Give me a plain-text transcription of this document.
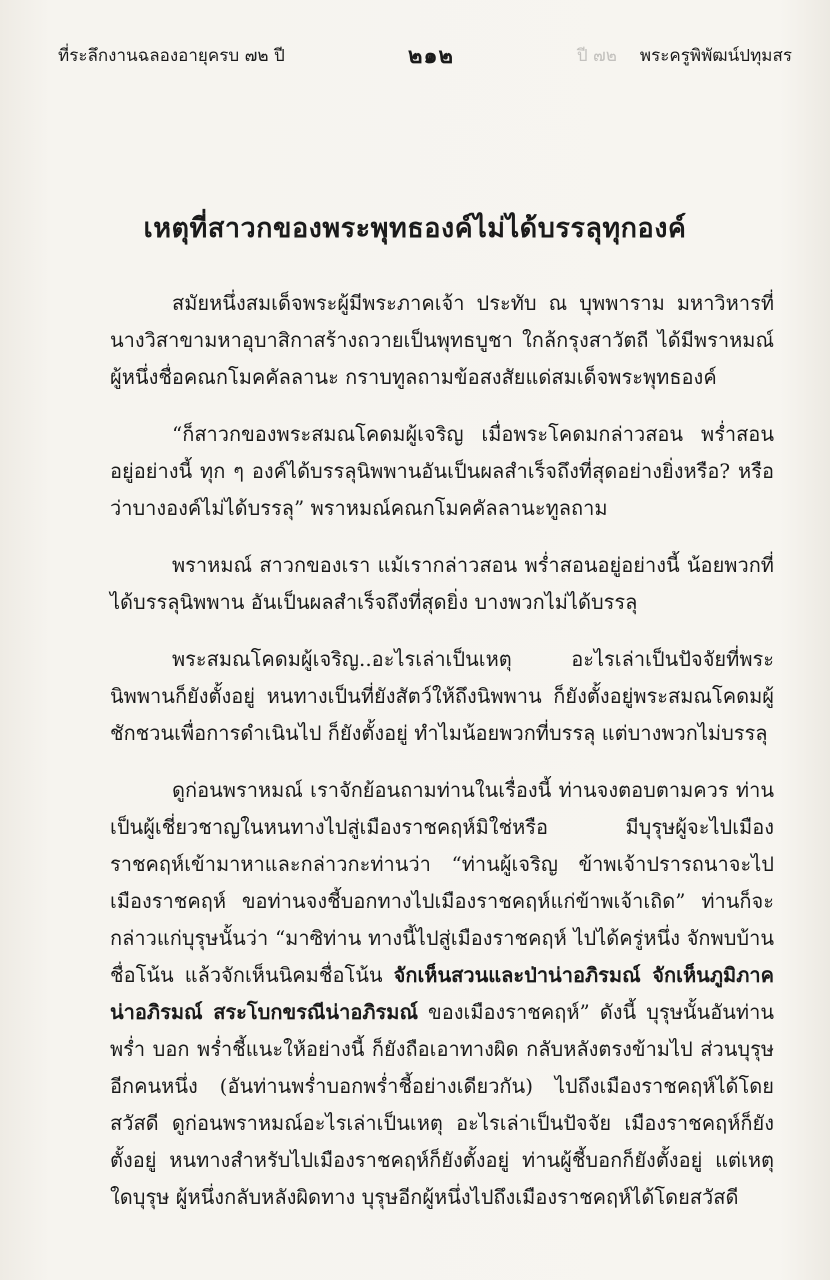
ที่ระลึกงานฉลองอายุครบ ๗๒ ปี	๒๑๒	ปี ๗๒ พระครูพิพัฒน์ปทุมสร
เหตุที่สาวกของพระพุทธองค์ไม่ได้บรรลุทุกองค์

สมัยหนึ่งสมเด็จพระผู้มีพระภาคเจ้า ประทับ ณ บุพพาราม มหาวิหารที่นางวิสาขามหาอุบาสิกาสร้างถวายเป็นพุทธบูชา ใกล้กรุงสาวัตถี ได้มีพราหมณ์ผู้หนึ่งชื่อคณกโมคคัลลานะ กราบทูลถามข้อสงสัยแด่สมเด็จพระพุทธองค์

“ก็สาวกของพระสมณโคดมผู้เจริญ เมื่อพระโคดมกล่าวสอน พร่ำสอนอยู่อย่างนี้ ทุก ๆ องค์ได้บรรลุนิพพานอันเป็นผลสำเร็จถึงที่สุดอย่างยิ่งหรือ? หรือว่าบางองค์ไม่ได้บรรลุ” พราหมณ์คณกโมคคัลลานะทูลถาม

พราหมณ์ สาวกของเรา แม้เรากล่าวสอน พร่ำสอนอยู่อย่างนี้ น้อยพวกที่ได้บรรลุนิพพาน อันเป็นผลสำเร็จถึงที่สุดยิ่ง บางพวกไม่ได้บรรลุ

พระสมณโคดมผู้เจริญ..อะไรเล่าเป็นเหตุ อะไรเล่าเป็นปัจจัยที่พระนิพพานก็ยังตั้งอยู่ หนทางเป็นที่ยังสัตว์ให้ถึงนิพพาน ก็ยังตั้งอยู่พระสมณโคดมผู้ชักชวนเพื่อการดำเนินไป ก็ยังตั้งอยู่ ทำไมน้อยพวกที่บรรลุ แต่บางพวกไม่บรรลุ

ดูก่อนพราหมณ์ เราจักย้อนถามท่านในเรื่องนี้ ท่านจงตอบตามควร ท่านเป็นผู้เชี่ยวชาญในหนทางไปสู่เมืองราชคฤห์มิใช่หรือ มีบุรุษผู้จะไปเมืองราชคฤห์เข้ามาหาและกล่าวกะท่านว่า “ท่านผู้เจริญ ข้าพเจ้าปรารถนาจะไปเมืองราชคฤห์ ขอท่านจงชี้บอกทางไปเมืองราชคฤห์แก่ข้าพเจ้าเถิด” ท่านก็จะกล่าวแก่บุรุษนั้นว่า “มาซิท่าน ทางนี้ไปสู่เมืองราชคฤห์ ไปได้ครู่หนึ่ง จักพบบ้านชื่อโน้น แล้วจักเห็นนิคมชื่อโน้น จักเห็นสวนและป่าน่าอภิรมณ์ จักเห็นภูมิภาคน่าอภิรมณ์ สระโบกขรณีน่าอภิรมณ์ ของเมืองราชคฤห์” ดังนี้ บุรุษนั้นอันท่านพร่ำ บอก พร่ำชี้แนะให้อย่างนี้ ก็ยังถือเอาทางผิด กลับหลังตรงข้ามไป ส่วนบุรุษอีกคนหนึ่ง (อันท่านพร่ำบอกพร่ำชี้อย่างเดียวกัน) ไปถึงเมืองราชคฤห์ได้โดยสวัสดี ดูก่อนพราหมณ์อะไรเล่าเป็นเหตุ อะไรเล่าเป็นปัจจัย เมืองราชคฤห์ก็ยังตั้งอยู่ หนทางสำหรับไปเมืองราชคฤห์ก็ยังตั้งอยู่ ท่านผู้ชี้บอกก็ยังตั้งอยู่ แต่เหตุใดบุรุษ ผู้หนึ่งกลับหลังผิดทาง บุรุษอีกผู้หนึ่งไปถึงเมืองราชคฤห์ได้โดยสวัสดี
